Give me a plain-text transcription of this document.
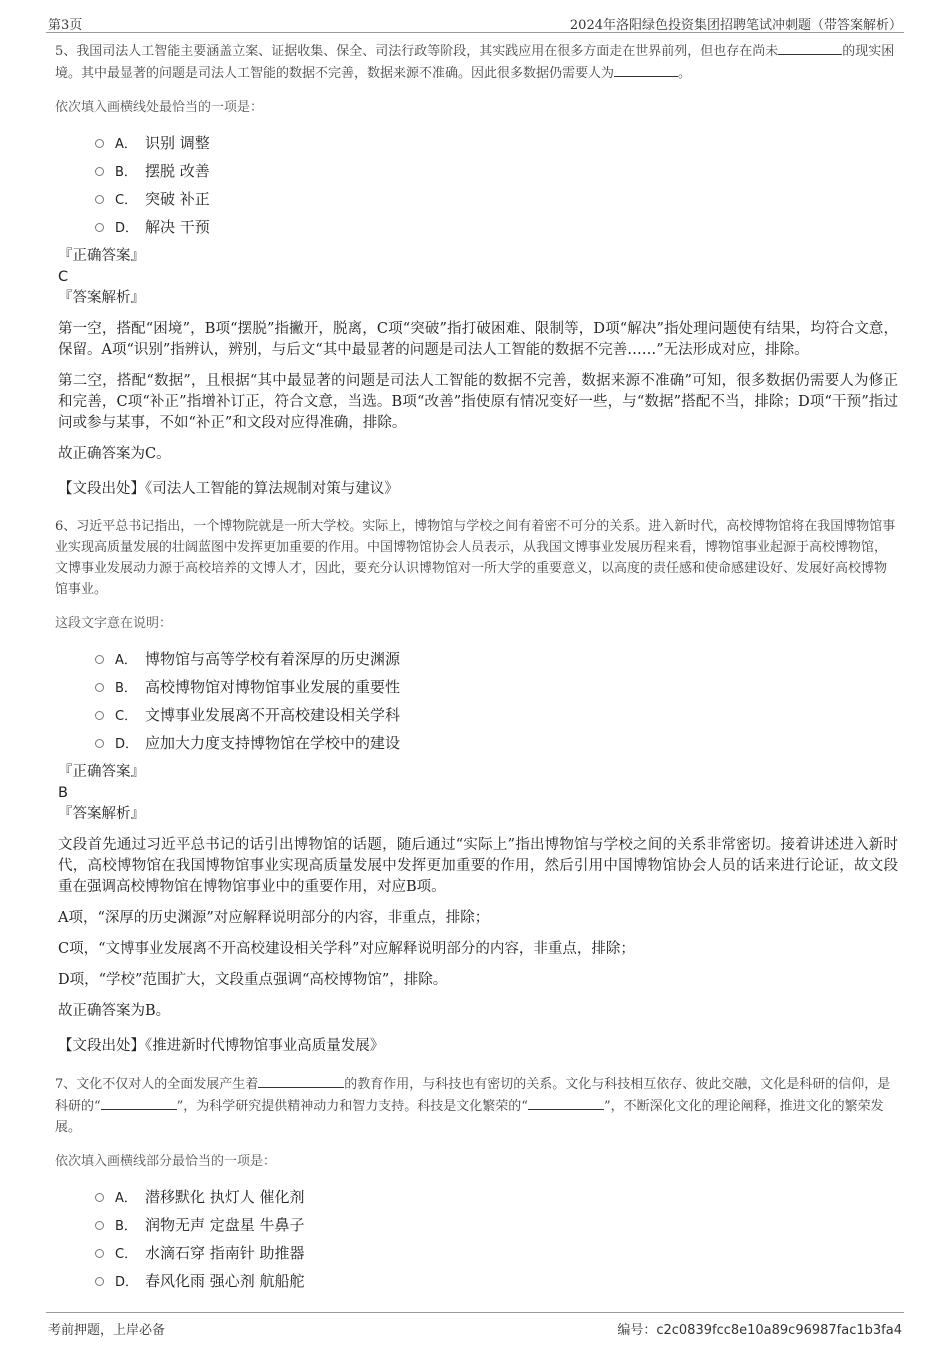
第3页	2024年洛阳绿色投资集团招聘笔试冲刺题（带答案解析）

5、我国司法人工智能主要涵盖立案、证据收集、保全、司法行政等阶段，其实践应用在很多方面走在世界前列，但也存在尚未	的现实困境。其中最显著的问题是司法人工智能的数据不完善，数据来源不准确。因此很多数据仍需要人为	。

依次填入画横线处最恰当的一项是：

A． 识别 调整
B． 摆脱 改善
C． 突破 补正
D． 解决 干预

『正确答案』

C

『答案解析』

第一空，搭配“困境”，B项“摆脱”指撇开，脱离，C项“突破”指打破困难、限制等，D项“解决”指处理问题使有结果，均符合文意，保留。A项“识别”指辨认，辨别，与后文“其中最显著的问题是司法人工智能的数据不完善……”无法形成对应，排除。

第二空，搭配“数据”，且根据“其中最显著的问题是司法人工智能的数据不完善，数据来源不准确”可知，很多数据仍需要人为修正和完善，C项“补正”指增补订正，符合文意，当选。B项“改善”指使原有情况变好一些，与“数据”搭配不当，排除；D项“干预”指过问或参与某事，不如“补正”和文段对应得准确，排除。

故正确答案为C。

【文段出处】《司法人工智能的算法规制对策与建议》

6、习近平总书记指出，一个博物院就是一所大学校。实际上，博物馆与学校之间有着密不可分的关系。进入新时代，高校博物馆将在我国博物馆事业实现高质量发展的壮阔蓝图中发挥更加重要的作用。中国博物馆协会人员表示，从我国文博事业发展历程来看，博物馆事业起源于高校博物馆，文博事业发展动力源于高校培养的文博人才，因此，要充分认识博物馆对一所大学的重要意义，以高度的责任感和使命感建设好、发展好高校博物馆事业。

这段文字意在说明：

A． 博物馆与高等学校有着深厚的历史渊源
B． 高校博物馆对博物馆事业发展的重要性
C． 文博事业发展离不开高校建设相关学科
D． 应加大力度支持博物馆在学校中的建设

『正确答案』

B

『答案解析』

文段首先通过习近平总书记的话引出博物馆的话题，随后通过“实际上”指出博物馆与学校之间的关系非常密切。接着讲述进入新时代，高校博物馆在我国博物馆事业实现高质量发展中发挥更加重要的作用，然后引用中国博物馆协会人员的话来进行论证，故文段重在强调高校博物馆在博物馆事业中的重要作用，对应B项。

A项，“深厚的历史渊源”对应解释说明部分的内容，非重点，排除；

C项，“文博事业发展离不开高校建设相关学科”对应解释说明部分的内容，非重点，排除；

D项，“学校”范围扩大，文段重点强调“高校博物馆”，排除。

故正确答案为B。

【文段出处】《推进新时代博物馆事业高质量发展》

7、文化不仅对人的全面发展产生着	的教育作用，与科技也有密切的关系。文化与科技相互依存、彼此交融，文化是科研的信仰，是科研的“	”，为科学研究提供精神动力和智力支持。科技是文化繁荣的“	”，不断深化文化的理论阐释，推进文化的繁荣发展。

依次填入画横线部分最恰当的一项是：

A． 潜移默化 执灯人 催化剂
B． 润物无声 定盘星 牛鼻子
C． 水滴石穿 指南针 助推器
D． 春风化雨 强心剂 航船舵
考前押题，上岸必备	编号：c2c0839fcc8e10a89c96987fac1b3fa4
